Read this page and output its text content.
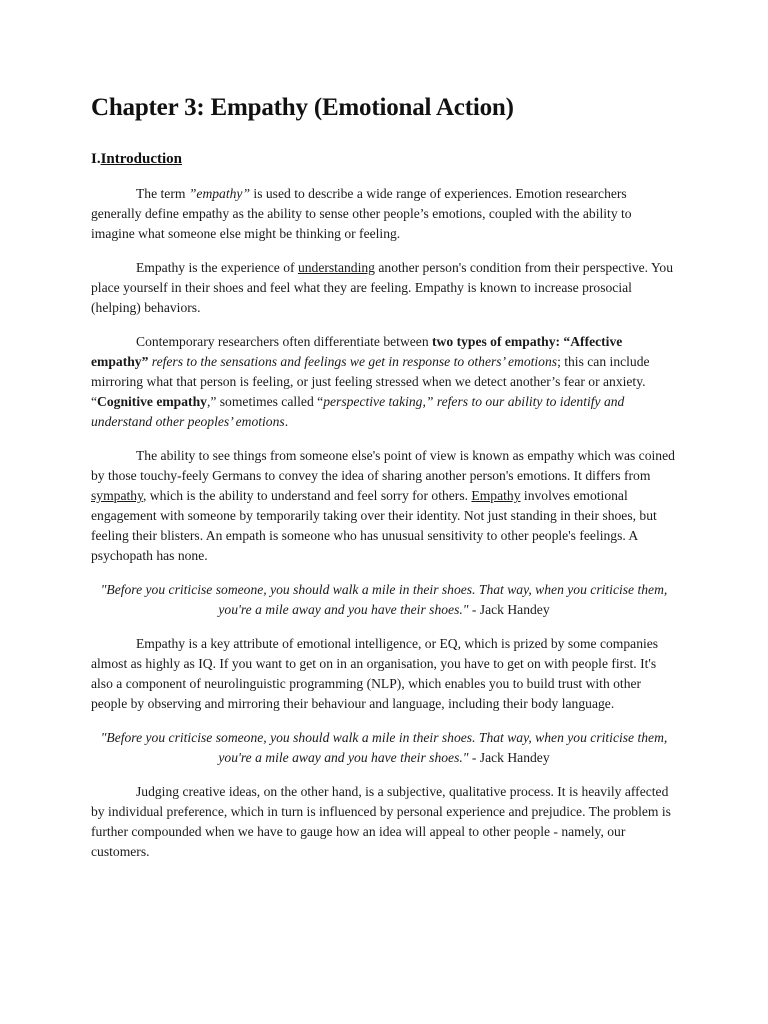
Chapter 3: Empathy (Emotional Action)
I.Introduction

The term ”empathy” is used to describe a wide range of experiences. Emotion researchers generally define empathy as the ability to sense other people’s emotions, coupled with the ability to imagine what someone else might be thinking or feeling.

Empathy is the experience of understanding another person's condition from their perspective. You place yourself in their shoes and feel what they are feeling. Empathy is known to increase prosocial (helping) behaviors.

Contemporary researchers often differentiate between two types of empathy: “Affective empathy” refers to the sensations and feelings we get in response to others’ emotions; this can include mirroring what that person is feeling, or just feeling stressed when we detect another’s fear or anxiety. “Cognitive empathy,” sometimes called “perspective taking,” refers to our ability to identify and understand other peoples’ emotions.

The ability to see things from someone else's point of view is known as empathy which was coined by those touchy-feely Germans to convey the idea of sharing another person's emotions. It differs from sympathy, which is the ability to understand and feel sorry for others. Empathy involves emotional engagement with someone by temporarily taking over their identity. Not just standing in their shoes, but feeling their blisters. An empath is someone who has unusual sensitivity to other people's feelings. A psychopath has none.

"Before you criticise someone, you should walk a mile in their shoes. That way, when you criticise them, you're a mile away and you have their shoes." - Jack Handey

Empathy is a key attribute of emotional intelligence, or EQ, which is prized by some companies almost as highly as IQ. If you want to get on in an organisation, you have to get on with people first. It's also a component of neurolinguistic programming (NLP), which enables you to build trust with other people by observing and mirroring their behaviour and language, including their body language.

"Before you criticise someone, you should walk a mile in their shoes. That way, when you criticise them, you're a mile away and you have their shoes." - Jack Handey

Judging creative ideas, on the other hand, is a subjective, qualitative process. It is heavily affected by individual preference, which in turn is influenced by personal experience and prejudice. The problem is further compounded when we have to gauge how an idea will appeal to other people - namely, our customers.
